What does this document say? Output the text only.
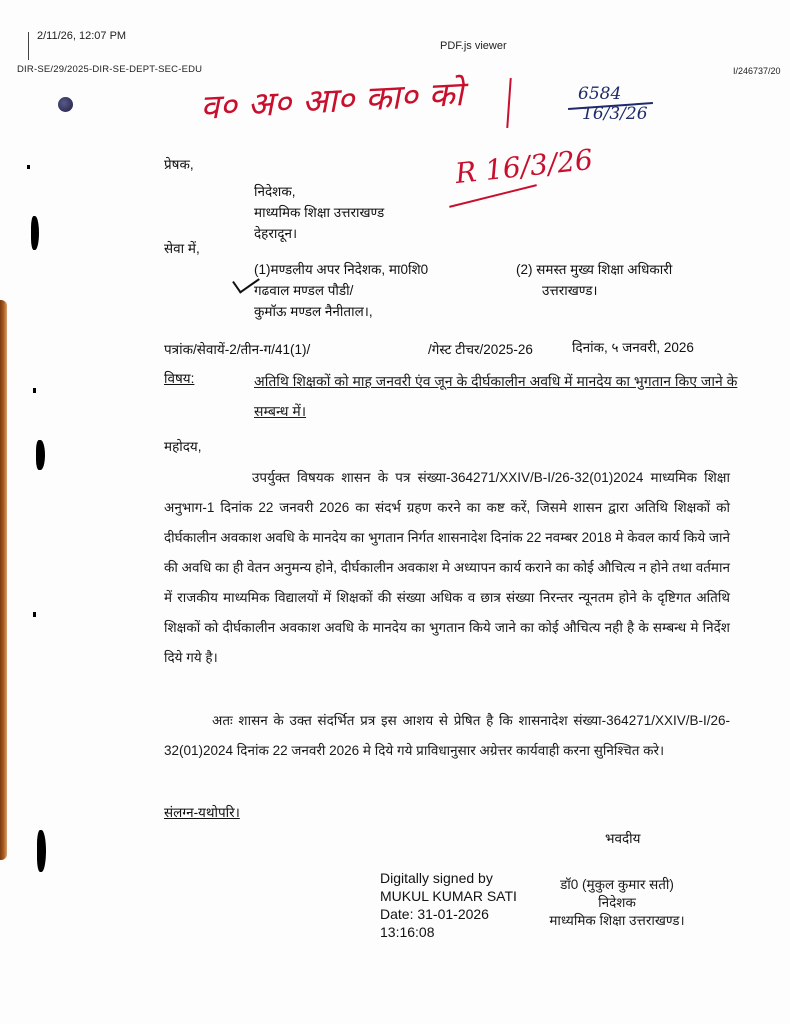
2/11/26, 12:07 PM
PDF.js viewer
DIR-SE/29/2025-DIR-SE-DEPT-SEC-EDU	I/246737/20
व० अ० आ० का० को
R 16/3/26
6584
16/3/26
प्रेषक,
निदेशक,
माध्यमिक शिक्षा उत्तराखण्ड
देहरादून।
सेवा में,
(1)मण्डलीय अपर निदेशक, मा0शि0
गढवाल मण्डल पौडी/
कुमॉऊ मण्डल नैनीताल।,
(2) समस्त मुख्य शिक्षा अधिकारी
उत्तराखण्ड।
पत्रांक/सेवायें-2/तीन-ग/41(1)/	/गेस्ट टीचर/2025-26	दिनांक, ५ जनवरी, 2026
विषय:	अतिथि शिक्षकों को माह जनवरी एंव जून के दीर्घकालीन अवधि में मानदेय का भुगतान किए जाने के सम्बन्ध में।
महोदय,
उपर्युक्त विषयक शासन के पत्र संख्या-364271/XXIV/B-I/26-32(01)2024 माध्यमिक शिक्षा अनुभाग-1 दिनांक 22 जनवरी 2026 का संदर्भ ग्रहण करने का कष्ट करें, जिसमे शासन द्वारा अतिथि शिक्षकों को दीर्घकालीन अवकाश अवधि के मानदेय का भुगतान निर्गत शासनादेश दिनांक 22 नवम्बर 2018 मे केवल कार्य किये जाने की अवधि का ही वेतन अनुमन्य होने, दीर्घकालीन अवकाश मे अध्यापन कार्य कराने का कोई औचित्य न होने तथा वर्तमान में राजकीय माध्यमिक विद्यालयों में शिक्षकों की संख्या अधिक व छात्र संख्या निरन्तर न्यूनतम होने के दृष्टिगत अतिथि शिक्षकों को दीर्घकालीन अवकाश अवधि के मानदेय का भुगतान किये जाने का कोई औचित्य नही है के सम्बन्ध मे निर्देश दिये गये है।
अतः शासन के उक्त संदर्भित प्रत्र इस आशय से प्रेषित है कि शासनादेश संख्या-364271/XXIV/B-I/26-32(01)2024 दिनांक 22 जनवरी 2026 मे दिये गये प्राविधानुसार अग्रेत्तर कार्यवाही करना सुनिश्चित करे।
संलग्न-यथोपरि।
भवदीय
Digitally signed by
MUKUL KUMAR SATI
Date: 31-01-2026
13:16:08
डॉ0 (मुकुल कुमार सती)
निदेशक
माध्यमिक शिक्षा उत्तराखण्ड।
